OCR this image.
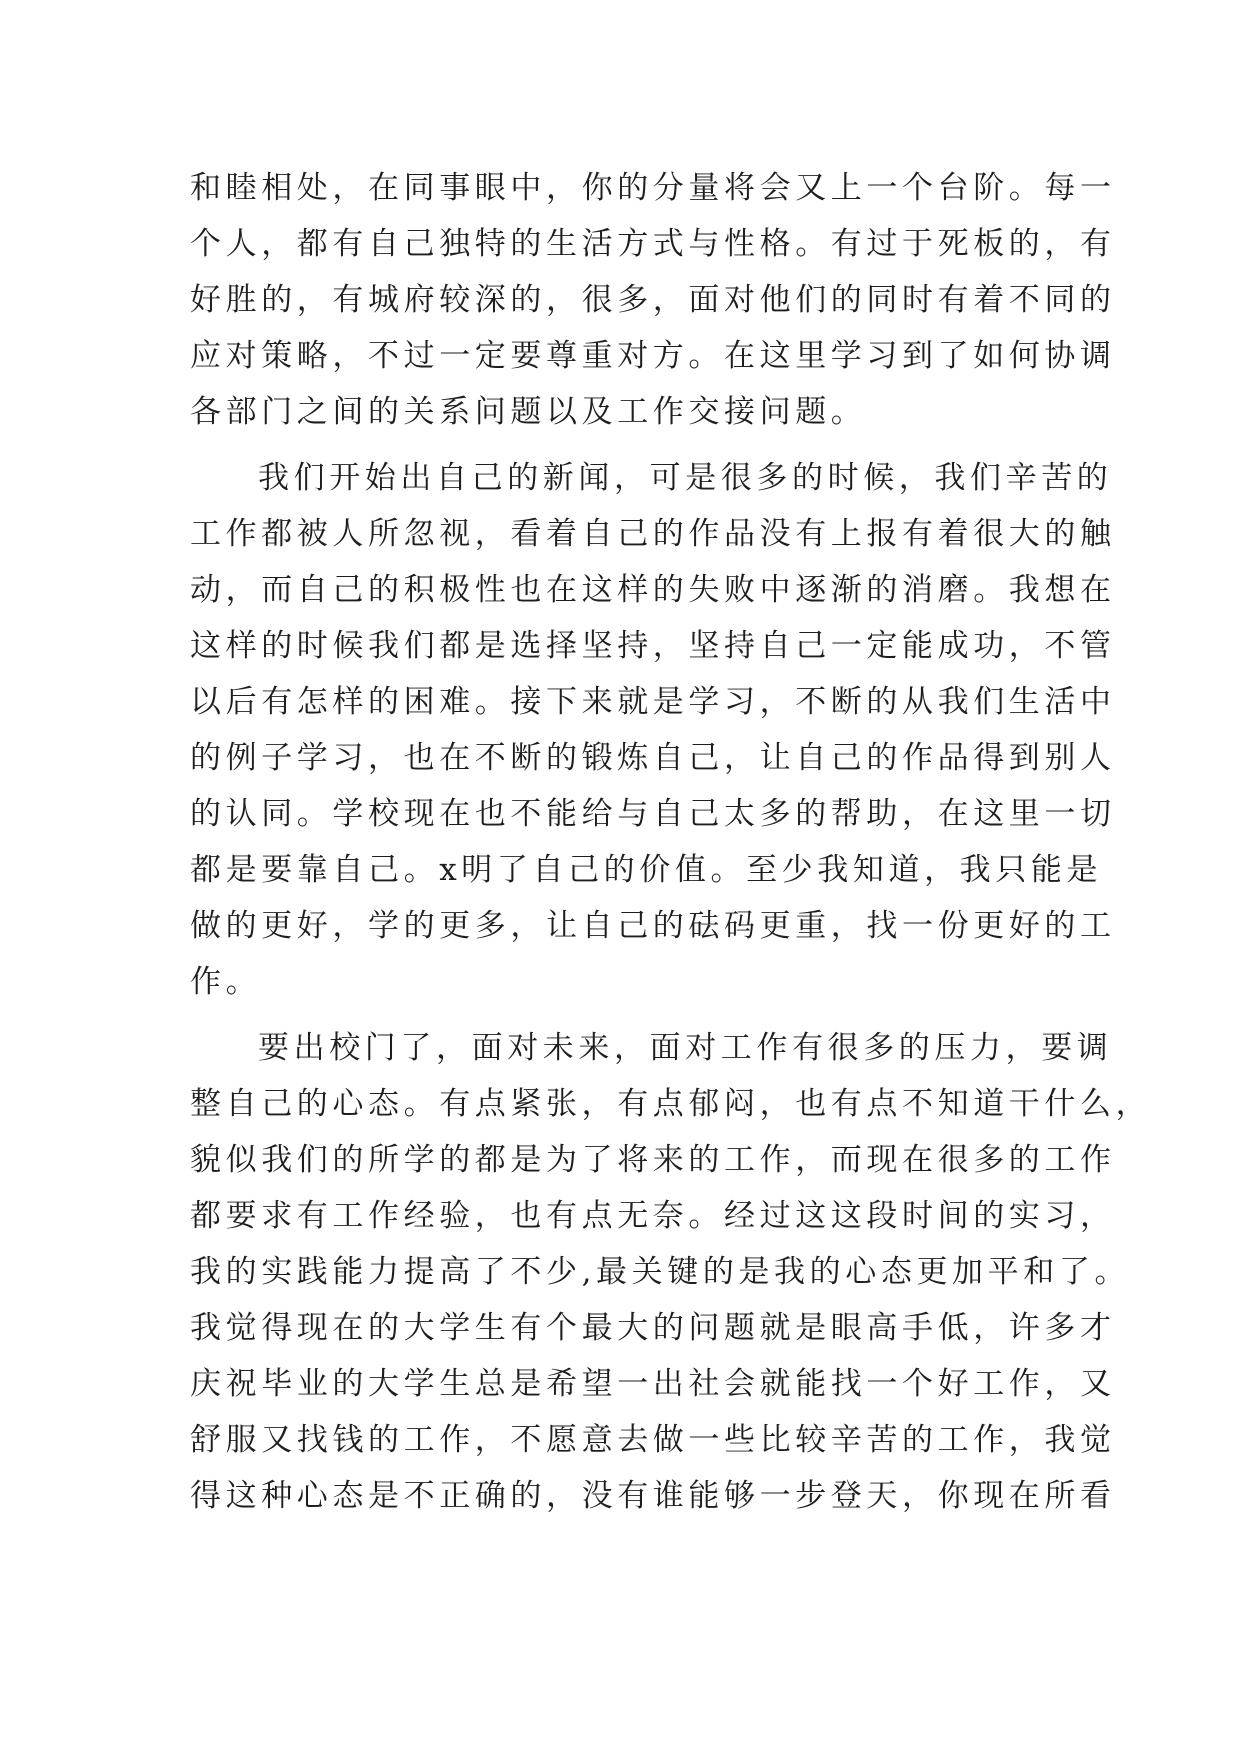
和睦相处，在同事眼中，你的分量将会又上一个台阶。每一
个人，都有自己独特的生活方式与性格。有过于死板的，有
好胜的，有城府较深的，很多，面对他们的同时有着不同的
应对策略，不过一定要尊重对方。在这里学习到了如何协调
各部门之间的关系问题以及工作交接问题。
我们开始出自己的新闻，可是很多的时候，我们辛苦的
工作都被人所忽视，看着自己的作品没有上报有着很大的触
动，而自己的积极性也在这样的失败中逐渐的消磨。我想在
这样的时候我们都是选择坚持，坚持自己一定能成功，不管
以后有怎样的困难。接下来就是学习，不断的从我们生活中
的例子学习，也在不断的锻炼自己，让自己的作品得到别人
的认同。学校现在也不能给与自己太多的帮助，在这里一切
都是要靠自己。x明了自己的价值。至少我知道，我只能是
做的更好，学的更多，让自己的砝码更重，找一份更好的工
作。
要出校门了，面对未来，面对工作有很多的压力，要调
整自己的心态。有点紧张，有点郁闷，也有点不知道干什么，
貌似我们的所学的都是为了将来的工作，而现在很多的工作
都要求有工作经验，也有点无奈。经过这这段时间的实习，
我的实践能力提高了不少,最关键的是我的心态更加平和了。
我觉得现在的大学生有个最大的问题就是眼高手低，许多才
庆祝毕业的大学生总是希望一出社会就能找一个好工作，又
舒服又找钱的工作，不愿意去做一些比较辛苦的工作，我觉
得这种心态是不正确的，没有谁能够一步登天，你现在所看
